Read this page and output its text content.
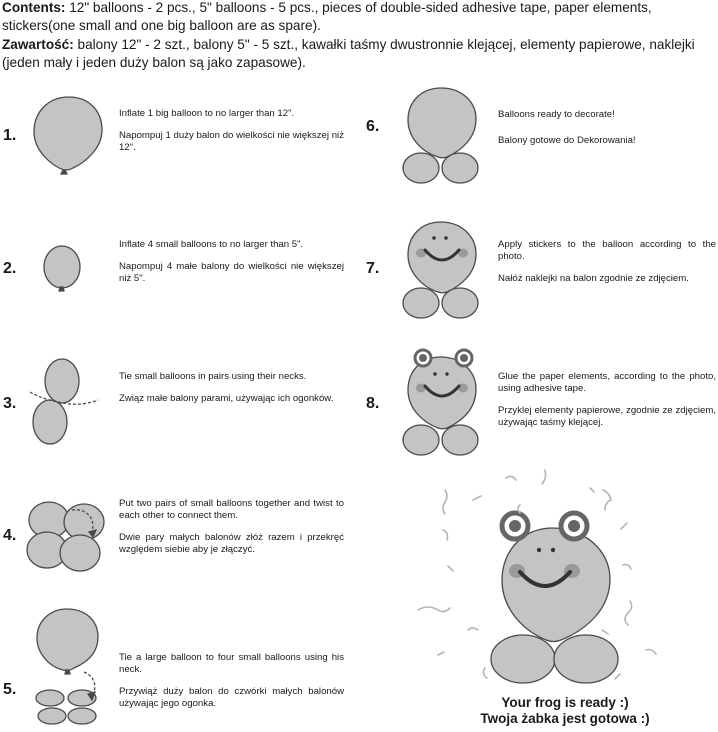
Contents: 12" balloons - 2 pcs., 5" balloons - 5 pcs., pieces of double-sided adhesive tape, paper elements, stickers(one small and one big balloon are as spare).

Zawartość: balony 12" - 2 szt., balony 5" - 5 szt., kawałki taśmy dwustronnie klejącej, elementy papierowe, naklejki (jeden mały i jeden duży balon są jako zapasowe).

1.
2.
3.
4.
5.
6.
7.
8.

Inflate 1 big balloon to no larger than 12".

Napompuj 1 duży balon do wielkości nie większej niż 12".

Inflate 4 small balloons to no larger than 5".

Napompuj 4 małe balony do wielkości nie większej niż 5".

Tie small balloons in pairs using their necks.

Związ małe balony parami, używając ich ogonków.

Put two pairs of small balloons together and twist to each other to connect them.

Dwie pary małych balonów złóż razem i przekręć względem siebie aby je złączyć.

Tie a large balloon to four small balloons using his neck.

Przywiąż duży balon do czwórki małych balonów używając jego ogonka.

Balloons ready to decorate!

Balony gotowe do Dekorowania!

Apply stickers to the balloon according to the photo.

Nałóż naklejki na balon zgodnie ze zdjęciem.

Glue the paper elements, according to the photo, using adhesive tape.

Przyklej elementy papierowe, zgodnie ze zdjęciem, używając taśmy klejącej.

Your frog is ready :)
Twoja żabka jest gotowa :)
